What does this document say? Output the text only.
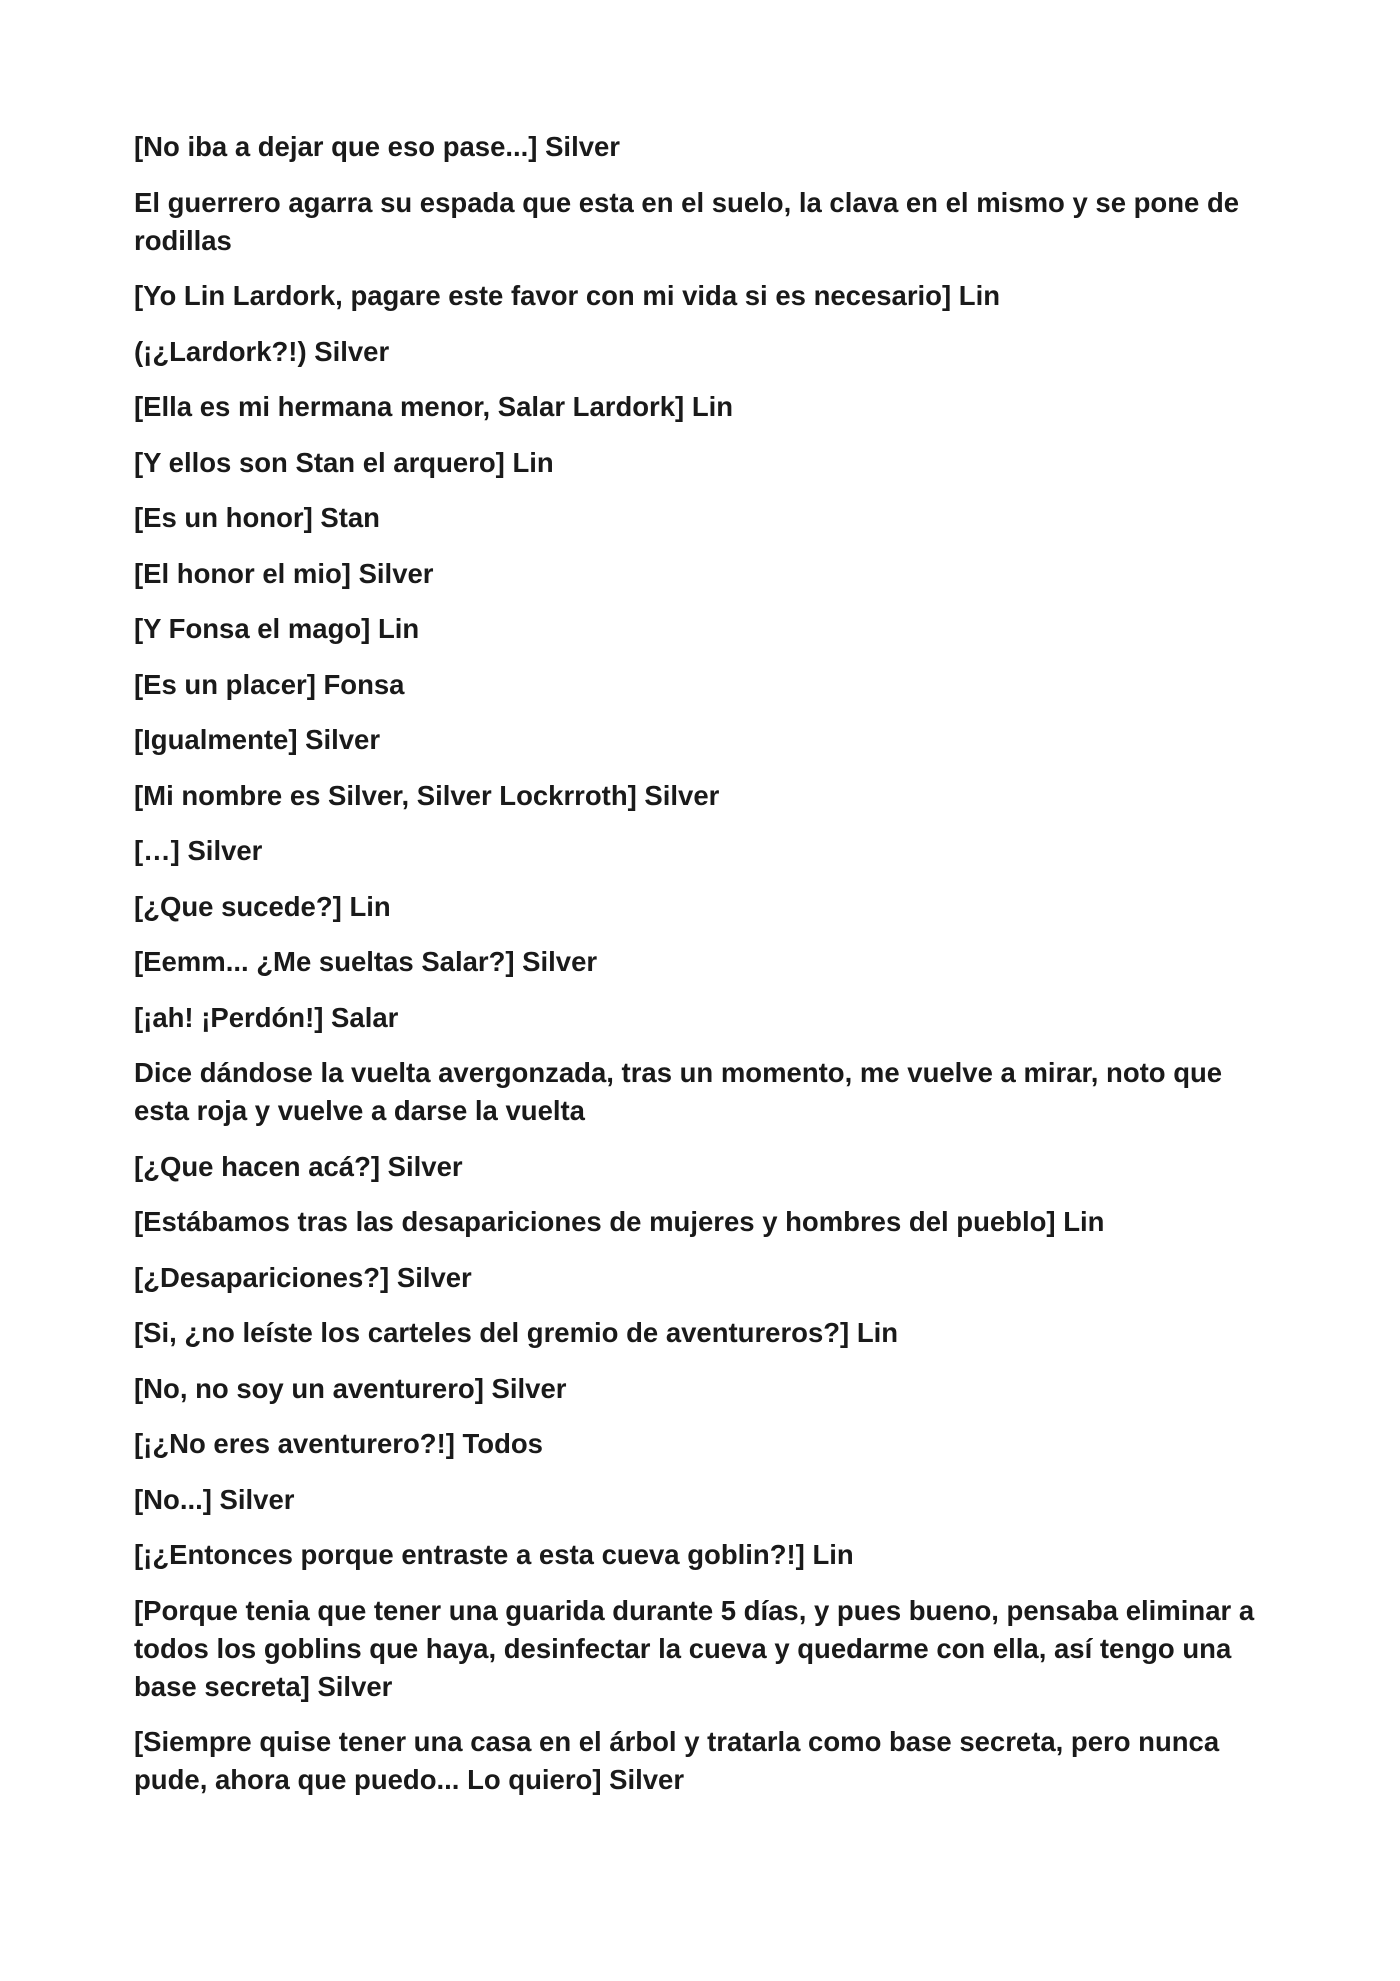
[No iba a dejar que eso pase...] Silver

El guerrero agarra su espada que esta en el suelo, la clava en el mismo y se pone de rodillas

[Yo Lin Lardork, pagare este favor con mi vida si es necesario] Lin

(¡¿Lardork?!) Silver

[Ella es mi hermana menor, Salar Lardork] Lin

[Y ellos son Stan el arquero] Lin

[Es un honor] Stan

[El honor el mio] Silver

[Y Fonsa el mago] Lin

[Es un placer] Fonsa

[Igualmente] Silver

[Mi nombre es Silver, Silver Lockrroth] Silver

[…] Silver

[¿Que sucede?] Lin

[Eemm... ¿Me sueltas Salar?] Silver

[¡ah! ¡Perdón!] Salar

Dice dándose la vuelta avergonzada, tras un momento, me vuelve a mirar, noto que esta roja y vuelve a darse la vuelta

[¿Que hacen acá?] Silver

[Estábamos tras las desapariciones de mujeres y hombres del pueblo] Lin

[¿Desapariciones?] Silver

[Si, ¿no leíste los carteles del gremio de aventureros?] Lin

[No, no soy un aventurero] Silver

[¡¿No eres aventurero?!] Todos

[No...] Silver

[¡¿Entonces porque entraste a esta cueva goblin?!] Lin

[Porque tenia que tener una guarida durante 5 días, y pues bueno, pensaba eliminar a todos los goblins que haya, desinfectar la cueva y quedarme con ella, así tengo una base secreta] Silver

[Siempre quise tener una casa en el árbol y tratarla como base secreta, pero nunca pude, ahora que puedo... Lo quiero] Silver
